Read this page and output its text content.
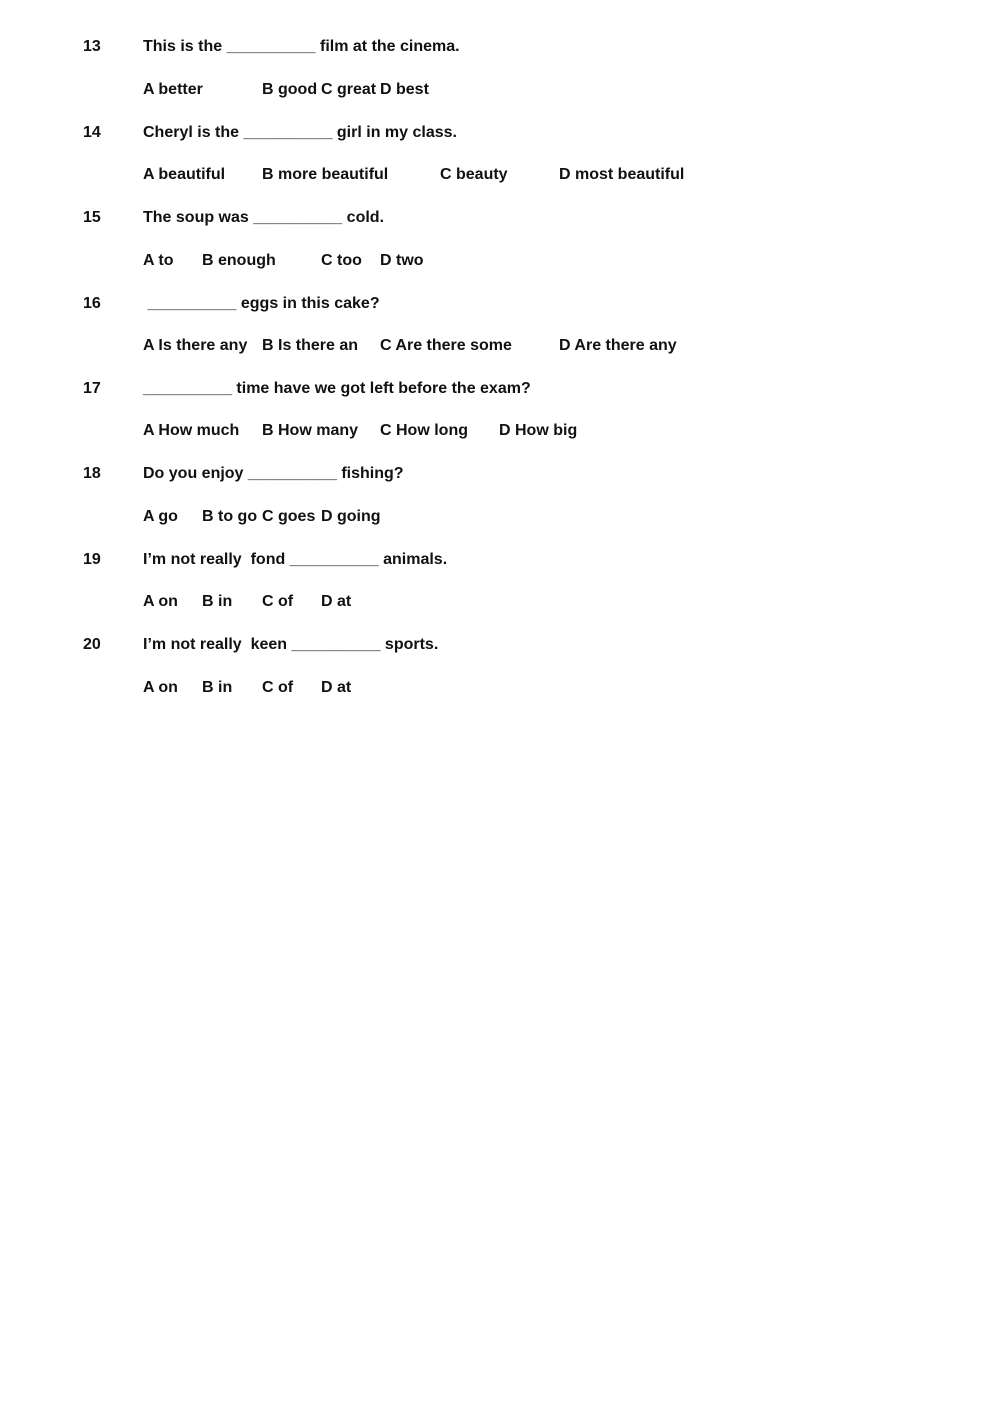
13	This is the __________ film at the cinema.
A better	B good C great D best
14	Cheryl is the __________ girl in my class.
A beautiful B more beautiful	C beauty	D most beautiful
15	The soup was __________ cold.
A to B enough	C too D two
16	__________ eggs in this cake?
A Is there any B Is there an C Are there some	D Are there any
17	__________ time have we got left before the exam?
A How much B How many C How long D How big
18	Do you enjoy __________ fishing?
A go B to go C goes D going
19	I’m not really  fond __________ animals.
A on B in C of D at
20	I’m not really  keen __________ sports.
A on B in C of D at
